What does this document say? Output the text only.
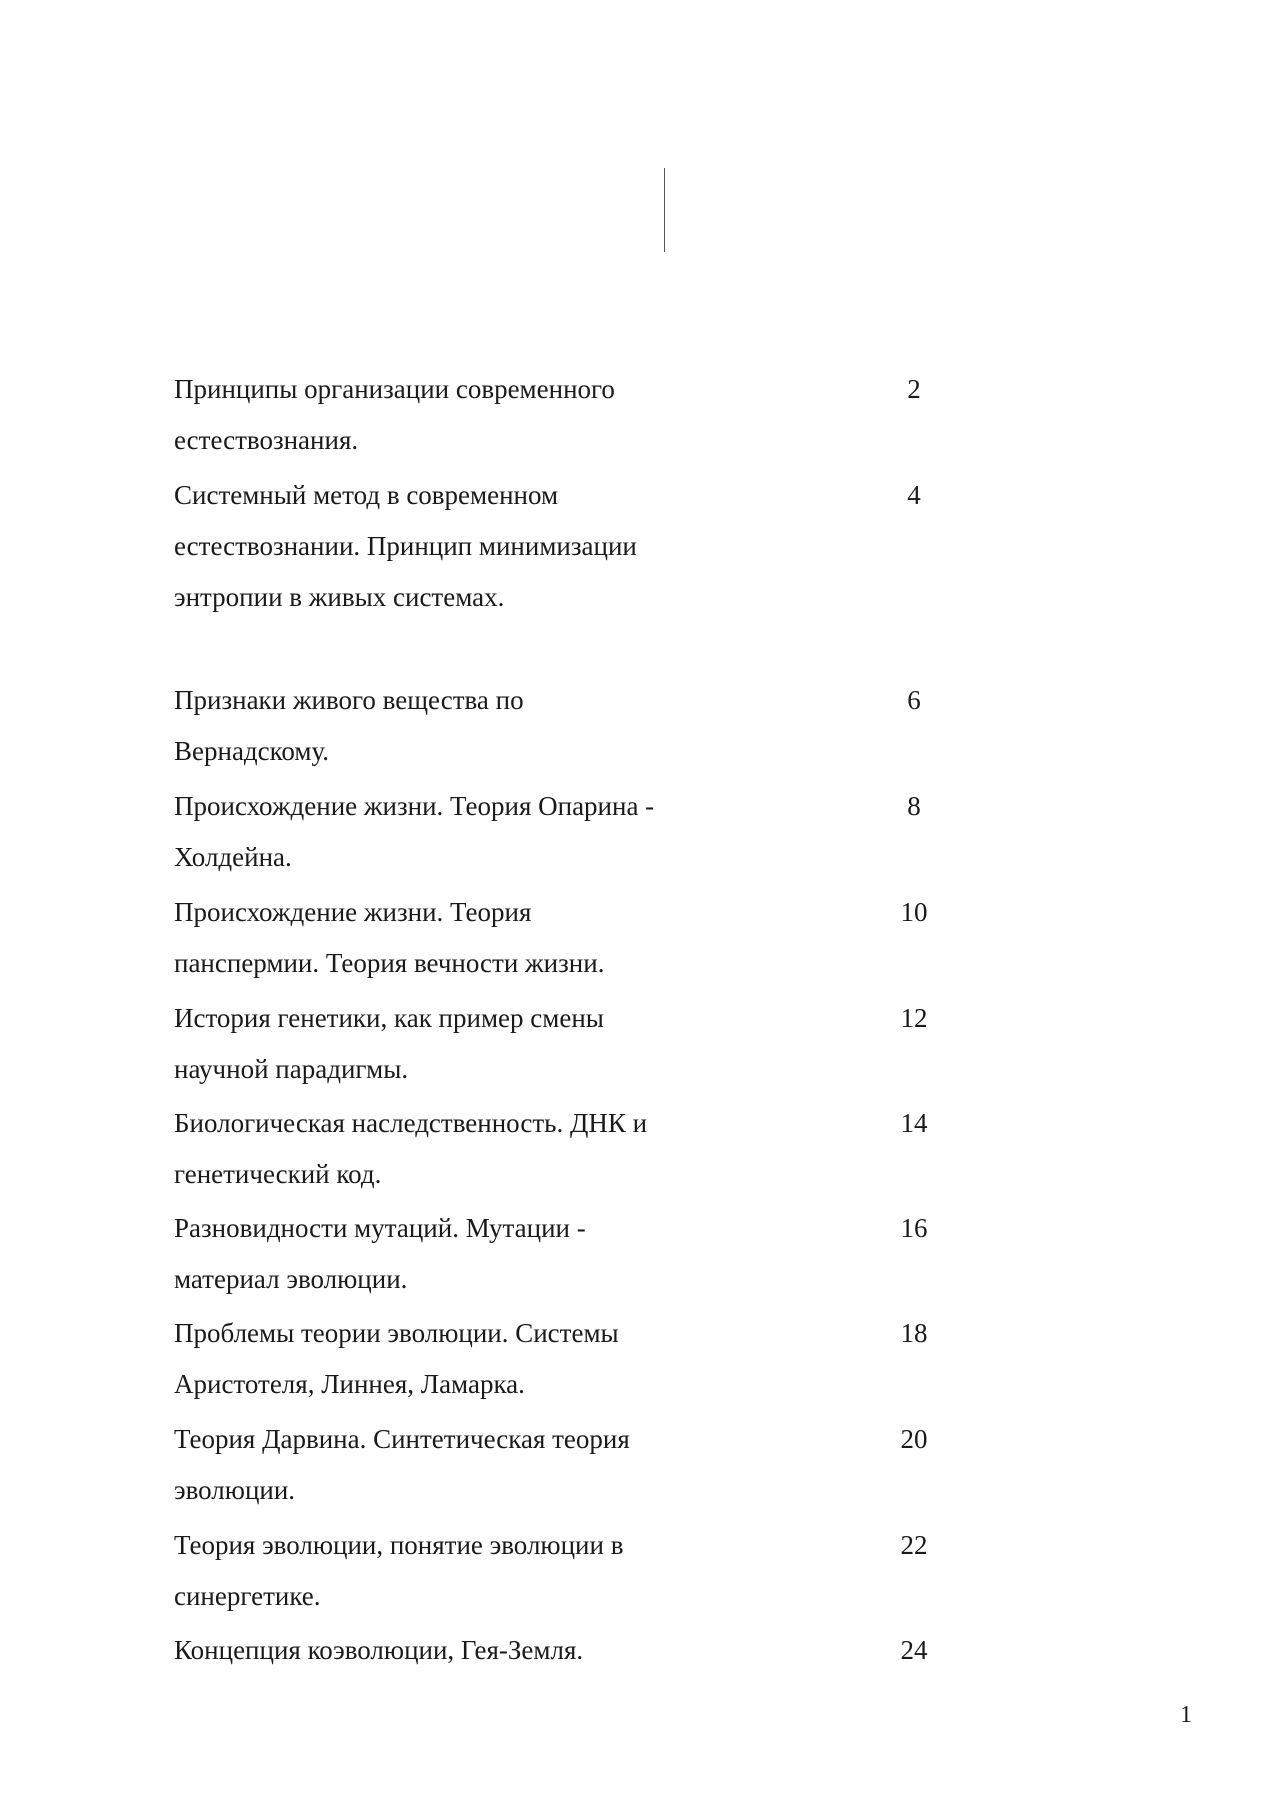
Принципы организации современного естествознания.
2
Системный метод в современном естествознании. Принцип минимизации энтропии в живых системах.
4
Признаки живого вещества по Вернадскому.
6
Происхождение жизни. Теория Опарина - Холдейна.
8
Происхождение жизни. Теория панспермии. Теория вечности жизни.
10
История генетики, как пример смены научной парадигмы.
12
Биологическая наследственность. ДНК и генетический код.
14
Разновидности мутаций. Мутации - материал эволюции.
16
Проблемы теории эволюции. Системы Аристотеля, Линнея, Ламарка.
18
Теория Дарвина. Синтетическая теория эволюции.
20
Теория эволюции, понятие эволюции в синергетике.
22
Концепция коэволюции, Гея-Земля.	24
1
